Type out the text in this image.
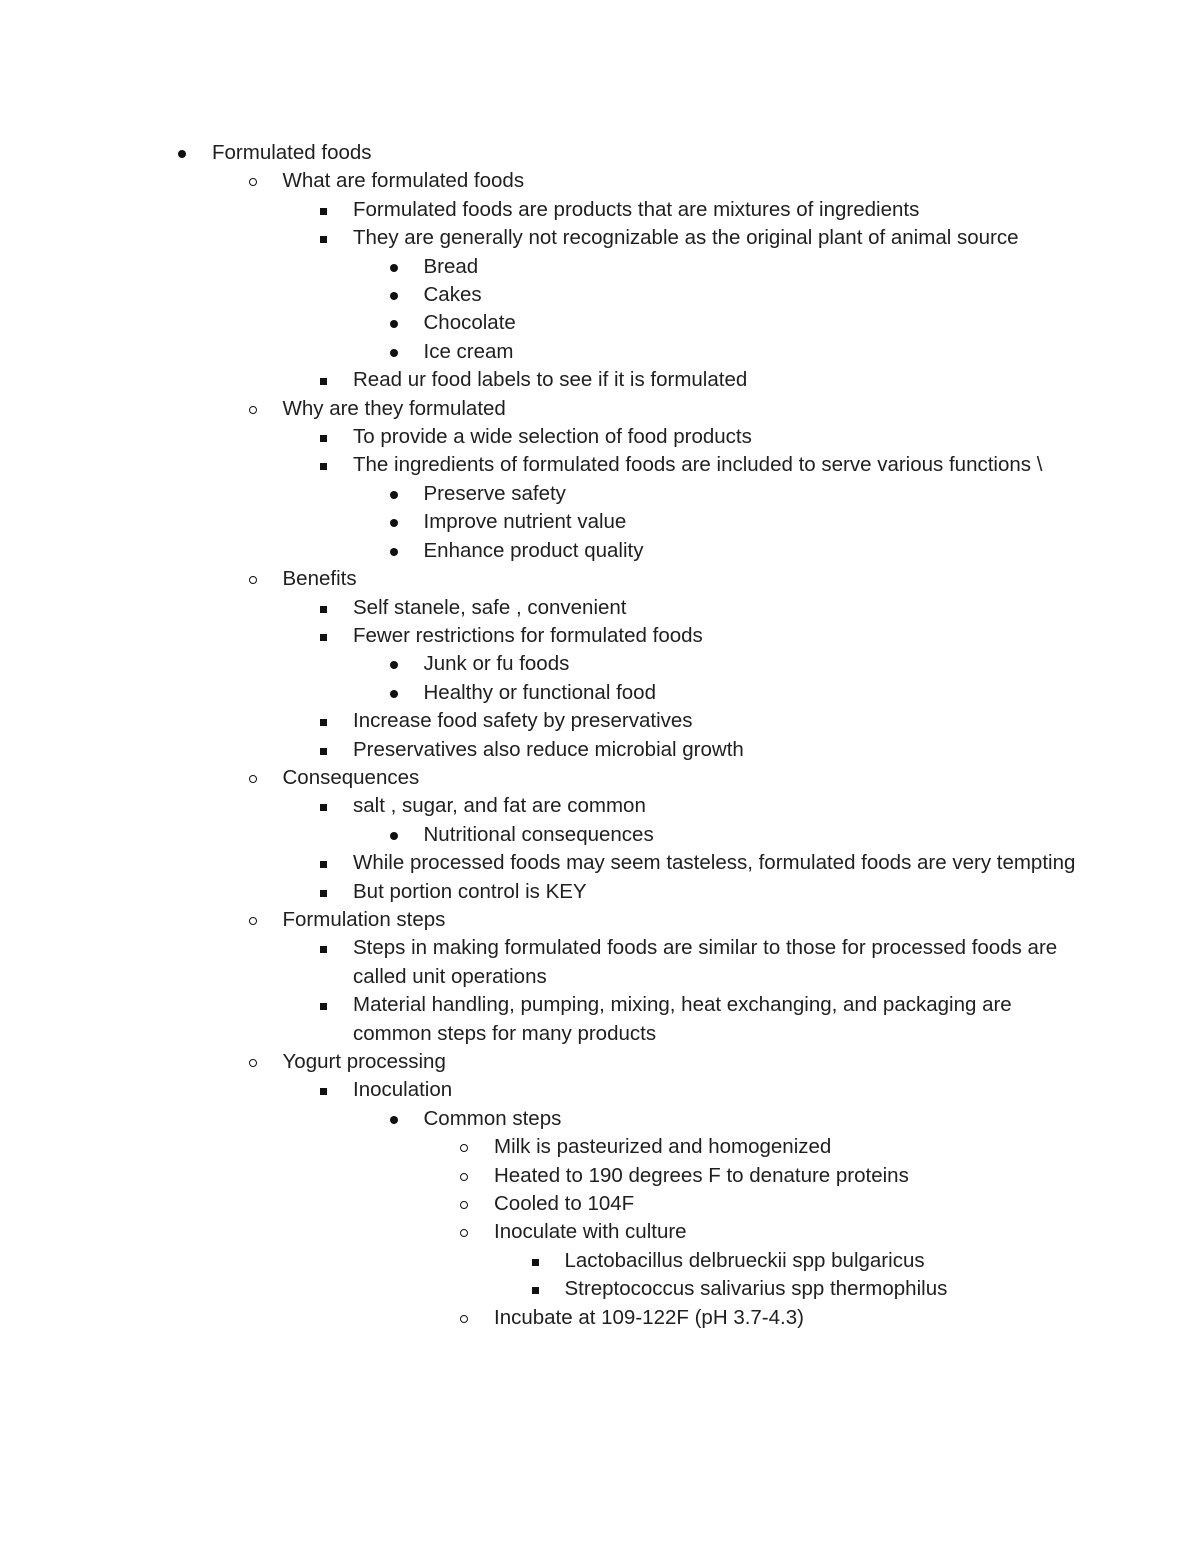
Formulated foods
What are formulated foods
Formulated foods are products that are mixtures of ingredients
They are generally not recognizable as the original plant of animal source
Bread
Cakes
Chocolate
Ice cream
Read ur food labels to see if it is formulated
Why are they formulated
To provide a wide selection of food products
The ingredients of formulated foods are included to serve various functions \
Preserve safety
Improve nutrient value
Enhance product quality
Benefits
Self stanele, safe , convenient
Fewer restrictions for formulated foods
Junk or fu foods
Healthy or functional food
Increase food safety by preservatives
Preservatives also reduce microbial growth
Consequences
salt , sugar, and fat are common
Nutritional consequences
While processed foods may seem tasteless, formulated foods are very tempting
But portion control is KEY
Formulation steps
Steps in making formulated foods are similar to those for processed foods are called unit operations
Material handling, pumping, mixing, heat exchanging, and packaging are common steps for many products
Yogurt processing
Inoculation
Common steps
Milk is pasteurized and homogenized
Heated to 190 degrees F to denature proteins
Cooled to 104F
Inoculate with culture
Lactobacillus delbrueckii spp bulgaricus
Streptococcus salivarius spp thermophilus
Incubate at 109-122F (pH 3.7-4.3)
